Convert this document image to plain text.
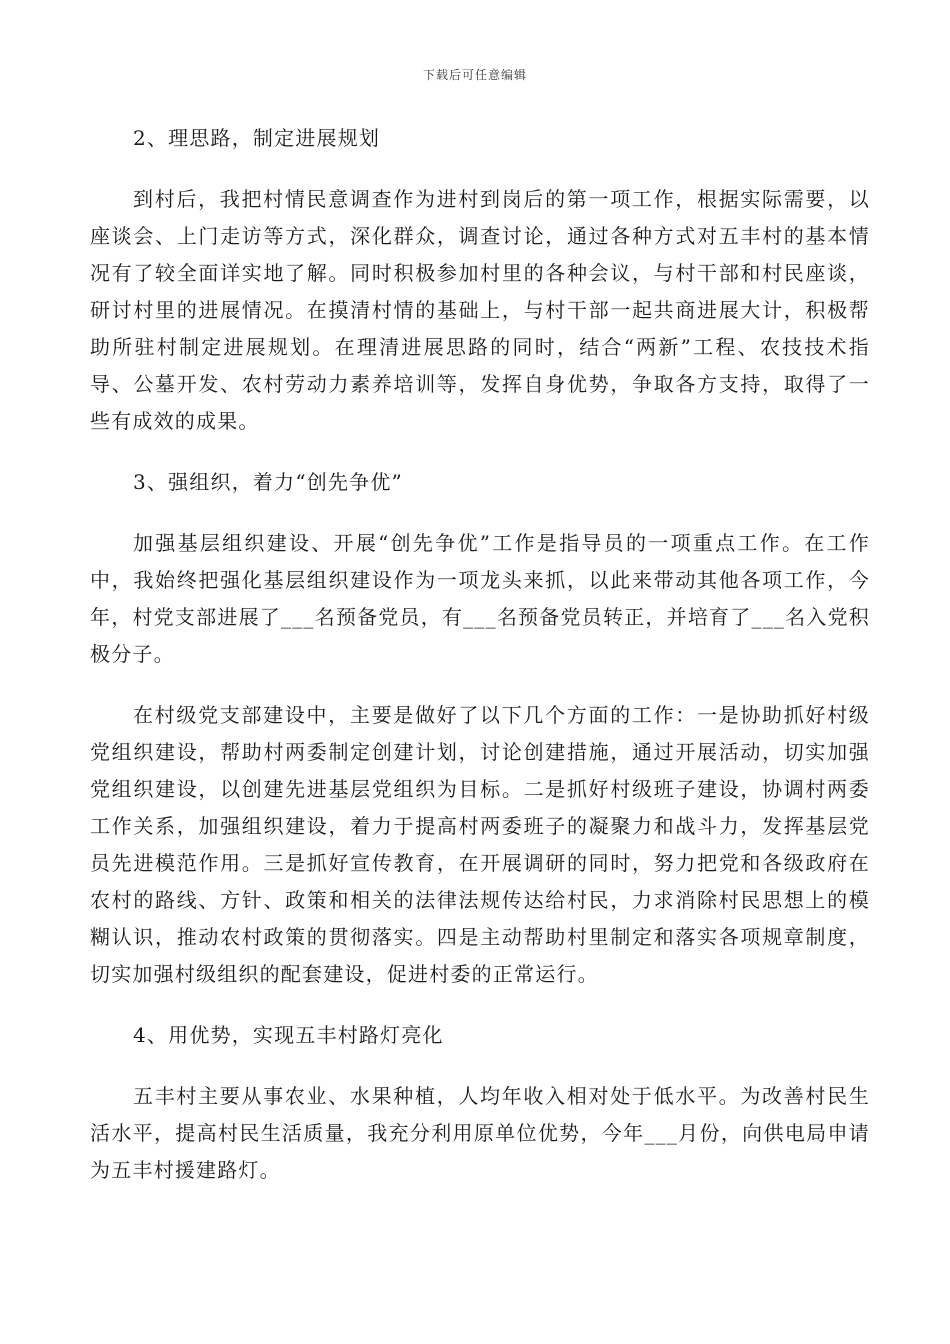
下载后可任意编辑

2、理思路，制定进展规划

到村后，我把村情民意调查作为进村到岗后的第一项工作，根据实际需要，以座谈会、上门走访等方式，深化群众，调查讨论，通过各种方式对五丰村的基本情况有了较全面详实地了解。同时积极参加村里的各种会议，与村干部和村民座谈，研讨村里的进展情况。在摸清村情的基础上，与村干部一起共商进展大计，积极帮助所驻村制定进展规划。在理清进展思路的同时，结合“两新”工程、农技技术指导、公墓开发、农村劳动力素养培训等，发挥自身优势，争取各方支持，取得了一些有成效的成果。

3、强组织，着力“创先争优”

加强基层组织建设、开展“创先争优”工作是指导员的一项重点工作。在工作中，我始终把强化基层组织建设作为一项龙头来抓，以此来带动其他各项工作，今年，村党支部进展了___名预备党员，有___名预备党员转正，并培育了___名入党积极分子。

在村级党支部建设中，主要是做好了以下几个方面的工作：一是协助抓好村级党组织建设，帮助村两委制定创建计划，讨论创建措施，通过开展活动，切实加强党组织建设，以创建先进基层党组织为目标。二是抓好村级班子建设，协调村两委工作关系，加强组织建设，着力于提高村两委班子的凝聚力和战斗力，发挥基层党员先进模范作用。三是抓好宣传教育，在开展调研的同时，努力把党和各级政府在农村的路线、方针、政策和相关的法律法规传达给村民，力求消除村民思想上的模糊认识，推动农村政策的贯彻落实。四是主动帮助村里制定和落实各项规章制度，切实加强村级组织的配套建设，促进村委的正常运行。

4、用优势，实现五丰村路灯亮化

五丰村主要从事农业、水果种植，人均年收入相对处于低水平。为改善村民生活水平，提高村民生活质量，我充分利用原单位优势，今年___月份，向供电局申请为五丰村援建路灯。
